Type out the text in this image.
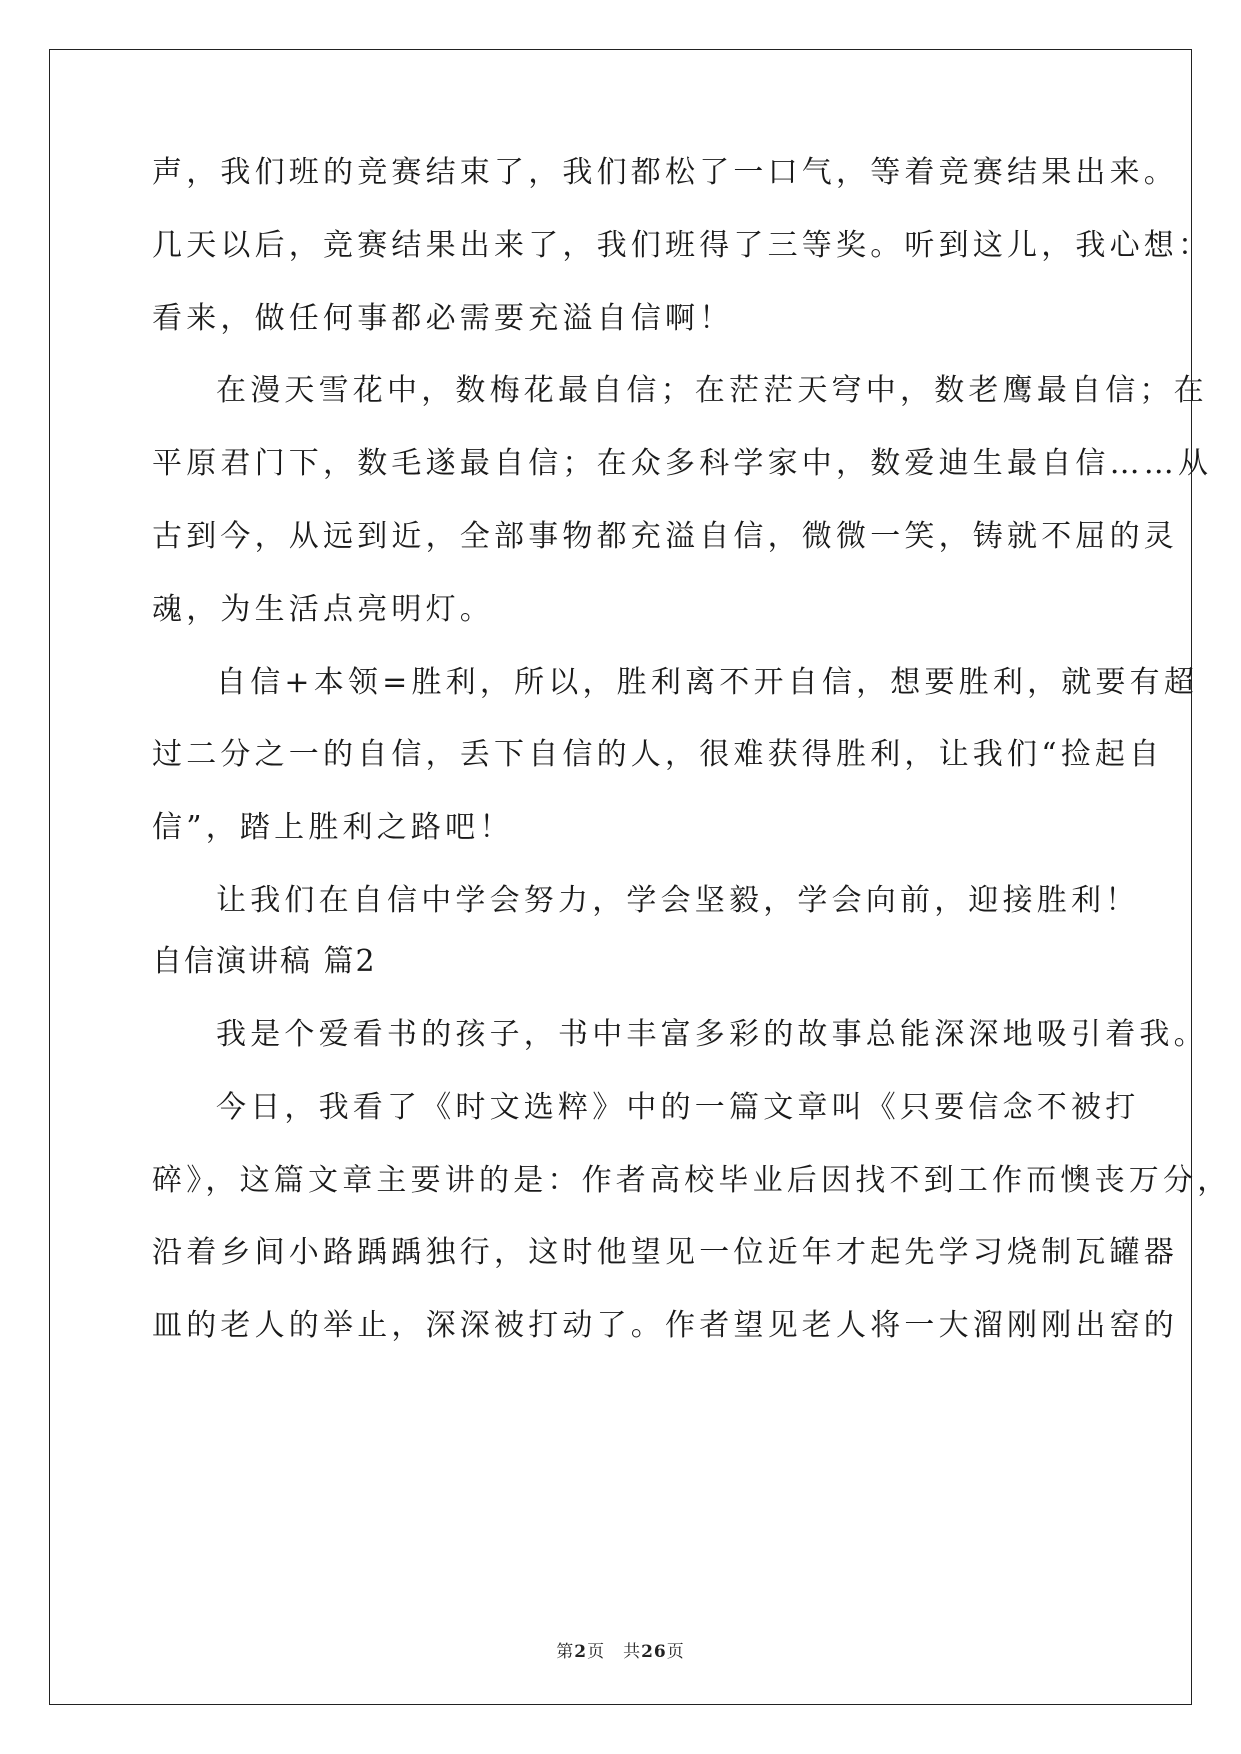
声，我们班的竞赛结束了，我们都松了一口气，等着竞赛结果出来。
几天以后，竞赛结果出来了，我们班得了三等奖。听到这儿，我心想：
看来，做任何事都必需要充溢自信啊！
在漫天雪花中，数梅花最自信；在茫茫天穹中，数老鹰最自信；在
平原君门下，数毛遂最自信；在众多科学家中，数爱迪生最自信……从
古到今，从远到近，全部事物都充溢自信，微微一笑，铸就不屈的灵
魂，为生活点亮明灯。
自信+本领=胜利，所以，胜利离不开自信，想要胜利，就要有超
过二分之一的自信，丢下自信的人，很难获得胜利，让我们“捡起自
信”，踏上胜利之路吧！
让我们在自信中学会努力，学会坚毅，学会向前，迎接胜利！
自信演讲稿 篇2
我是个爱看书的孩子，书中丰富多彩的故事总能深深地吸引着我。
今日，我看了《时文选粹》中的一篇文章叫《只要信念不被打
碎》，这篇文章主要讲的是：作者高校毕业后因找不到工作而懊丧万分，
沿着乡间小路踽踽独行，这时他望见一位近年才起先学习烧制瓦罐器
皿的老人的举止，深深被打动了。作者望见老人将一大溜刚刚出窑的
第2页　共26页
